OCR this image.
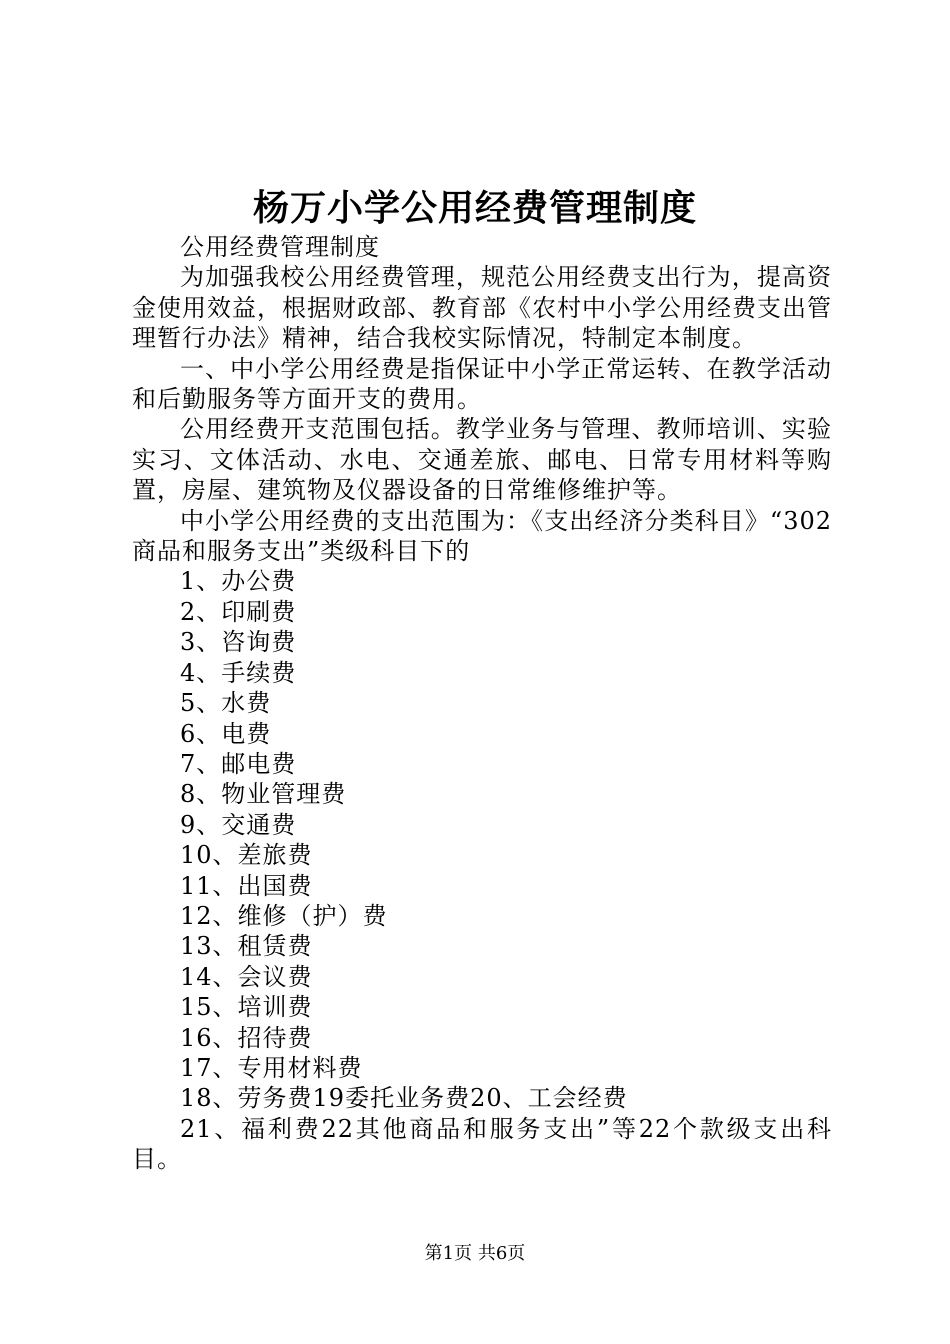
杨万小学公用经费管理制度

公用经费管理制度

为加强我校公用经费管理，规范公用经费支出行为，提高资金使用效益，根据财政部、教育部《农村中小学公用经费支出管理暂行办法》精神，结合我校实际情况，特制定本制度。

一、中小学公用经费是指保证中小学正常运转、在教学活动和后勤服务等方面开支的费用。

公用经费开支范围包括。教学业务与管理、教师培训、实验实习、文体活动、水电、交通差旅、邮电、日常专用材料等购置，房屋、建筑物及仪器设备的日常维修维护等。

中小学公用经费的支出范围为：《支出经济分类科目》“302商品和服务支出”类级科目下的

1、办公费

2、印刷费

3、咨询费

4、手续费

5、水费

6、电费

7、邮电费

8、物业管理费

9、交通费

10、差旅费

11、出国费

12、维修（护）费

13、租赁费

14、会议费

15、培训费

16、招待费

17、专用材料费

18、劳务费19委托业务费20、工会经费

21、福利费22其他商品和服务支出”等22个款级支出科目。

第1页 共6页
